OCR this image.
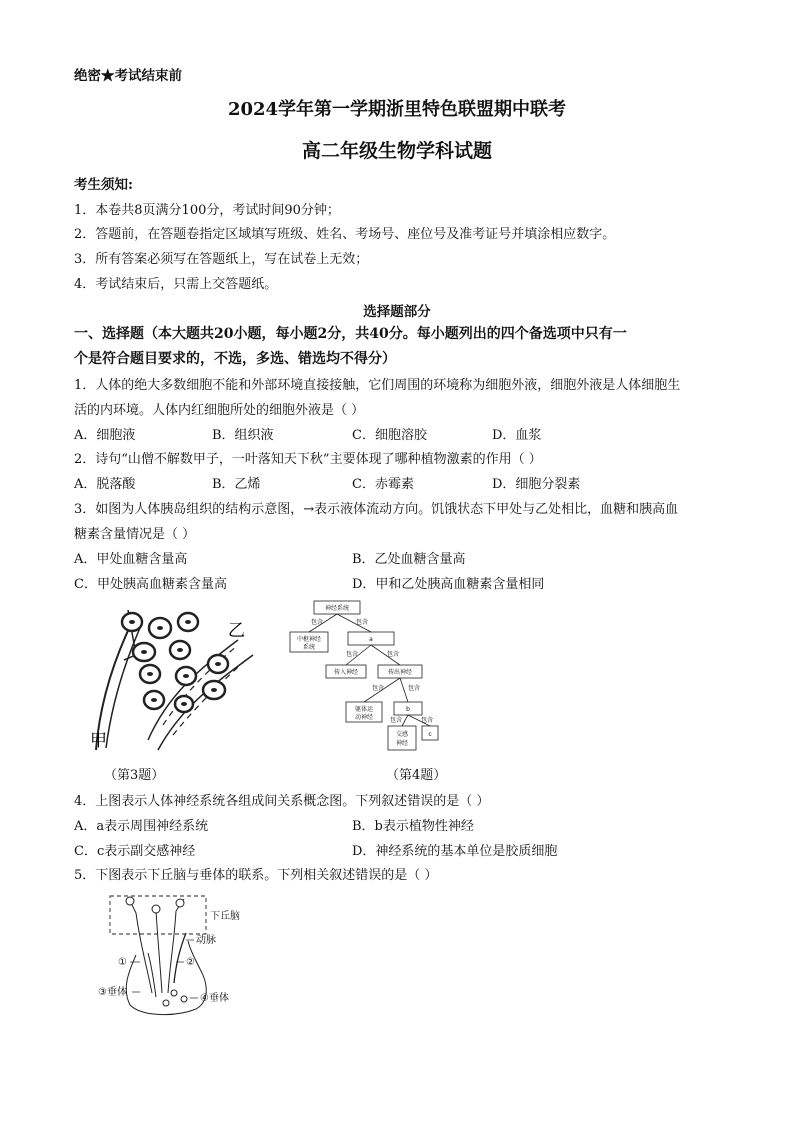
绝密★考试结束前
2024学年第一学期浙里特色联盟期中联考
高二年级生物学科试题
考生须知:
1．本卷共8页满分100分，考试时间90分钟；
2．答题前，在答题卷指定区域填写班级、姓名、考场号、座位号及准考证号并填涂相应数字。
3．所有答案必须写在答题纸上，写在试卷上无效；
4．考试结束后，只需上交答题纸。
选择题部分
一、选择题（本大题共20小题，每小题2分，共40分。每小题列出的四个备选项中只有一
个是符合题目要求的，不选，多选、错选均不得分）
1．人体的绝大多数细胞不能和外部环境直接接触，它们周围的环境称为细胞外液，细胞外液是人体细胞生
活的内环境。人体内红细胞所处的细胞外液是（ ）
A．细胞液	B．组织液	C．细胞溶胶	D．血浆
2．诗句“山僧不解数甲子，一叶落知天下秋”主要体现了哪种植物激素的作用（ ）
A．脱落酸	B．乙烯	C．赤霉素	D．细胞分裂素
3．如图为人体胰岛组织的结构示意图，→表示液体流动方向。饥饿状态下甲处与乙处相比，血糖和胰高血
糖素含量情况是（ ）
A．甲处血糖含量高	B．乙处血糖含量高
C．甲处胰高血糖素含量高	D．甲和乙处胰高血糖素含量相同
乙
甲
（第3题）
神经系统
中枢神经
系统
a
传入神经	传出神经
躯体运
动神经
b
交感
神经
c
包含	包含
包含	包含
包含	包含
包含	包含
（第4题）
4．上图表示人体神经系统各组成间关系概念图。下列叙述错误的是（ ）
A．a表示周围神经系统	B．b表示植物性神经
C．c表示副交感神经	D．神经系统的基本单位是胶质细胞
5．下图表示下丘脑与垂体的联系。下列相关叙述错误的是（ ）
下丘脑
动脉
①	②
③垂体
④垂体
